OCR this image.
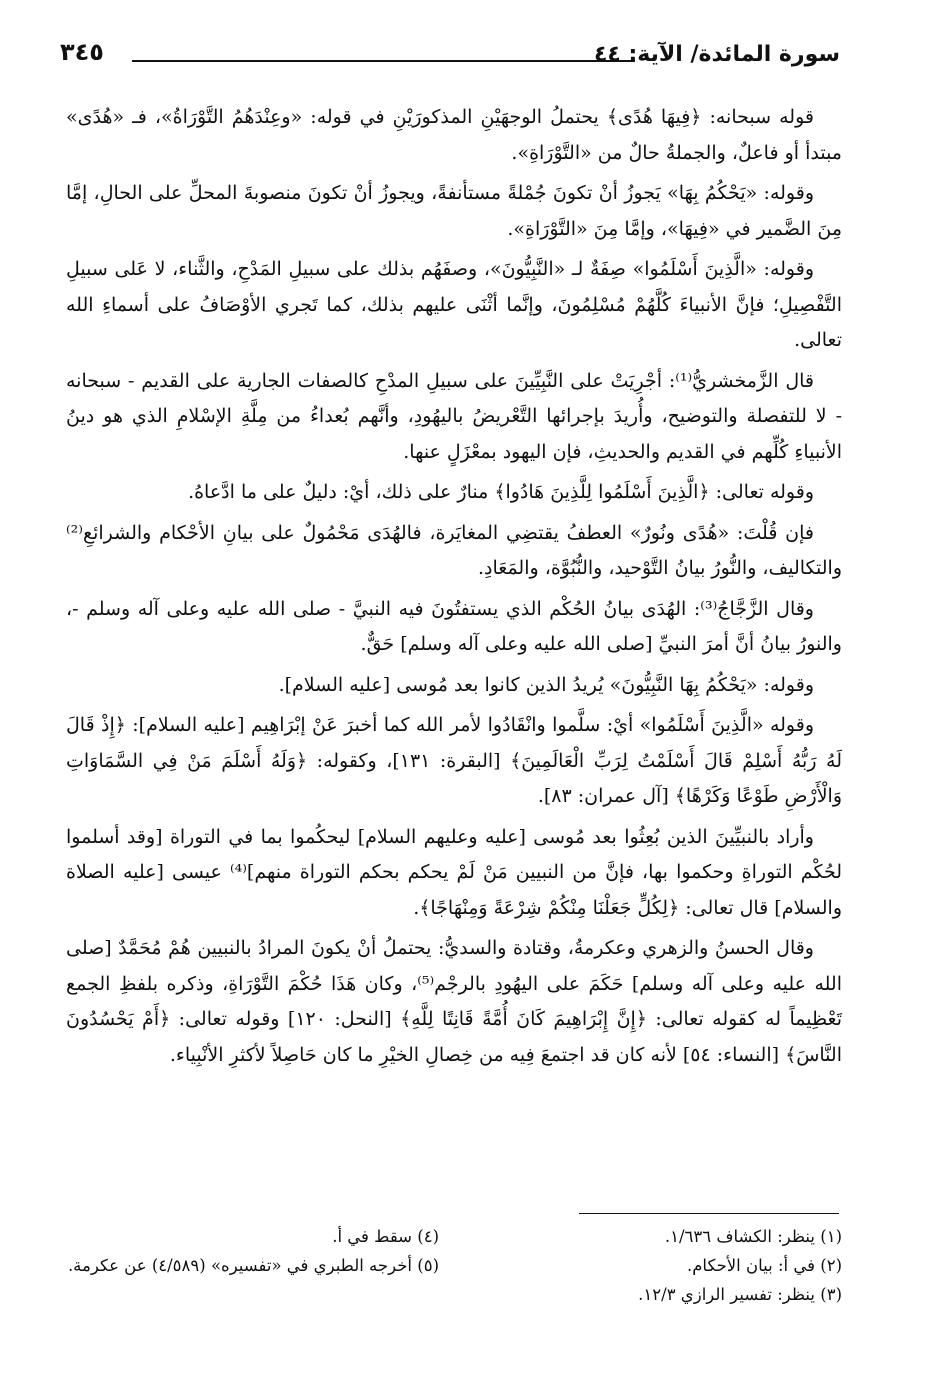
سورة المائدة/ الآية: ٤٤
٣٤٥

قوله سبحانه: ﴿فِيهَا هُدًى﴾ يحتملُ الوجهَيْنِ المذكورَيْنِ في قوله: «وعِنْدَهُمُ التَّوْرَاةُ»، فـ «هُدًى» مبتدأ أو فاعلٌ، والجملةُ حالٌ من «التَّوْرَاةِ».

وقوله: «يَحْكُمُ بِهَا» يَجوزُ أنْ تكونَ جُمْلةً مستأنفةً، ويجوزُ أنْ تكونَ منصوبةَ المحلِّ على الحالِ، إمَّا مِنَ الضَّمير في «فِيهَا»، وإمَّا مِنَ «التَّوْرَاةِ».

وقوله: «الَّذِينَ أَسْلَمُوا» صِفَةٌ لـ «النَّبِيُّونَ»، وصفَهُم بذلك على سبيلِ المَدْحِ، والثَّناء، لا عَلى سبيلِ التَّفْصِيلِ؛ فإنَّ الأنبياءَ كُلَّهُمْ مُسْلِمُونَ، وإنَّما أثْنَى عليهم بذلك، كما تَجري الأوْصَافُ على أسماءِ الله تعالى.

قال الزَّمخشريُّ⁽¹⁾: أجْرِيَتْ على النَّبِيِّينَ على سبيلِ المدْحِ كالصفات الجارية على القديم - سبحانه - لا للتفصلة والتوضيح، وأُريدَ بإجرائها التَّعْريضُ باليهُودِ، وأنَّهم بُعداءُ من مِلَّةِ الإسْلامِ الذي هو دينُ الأنبياءِ كُلِّهم في القديم والحديثِ، فإن اليهود بمعْزَلٍ عنها.

وقوله تعالى: ﴿الَّذِينَ أَسْلَمُوا لِلَّذِينَ هَادُوا﴾ منارٌ على ذلك، أيْ: دليلٌ على ما ادَّعاهُ.

فإن قُلْتَ: «هُدًى ونُورٌ» العطفُ يقتضِي المغايَرة، فالهُدَى مَحْمُولٌ على بيانِ الأحْكام والشرائعِ⁽²⁾ والتكاليف، والنُّورُ بيانُ التَّوْحيد، والنُّبُوَّة، والمَعَادِ.

وقال الزَّجَّاجُ⁽³⁾: الهُدَى بيانُ الحُكْم الذي يستفتُونَ فيه النبيَّ - صلى الله عليه وعلى آله وسلم -، والنورُ بيانُ أنَّ أمرَ النبيِّ [صلى الله عليه وعلى آله وسلم] حَقٌّ.

وقوله: «يَحْكُمُ بِهَا النَّبِيُّونَ» يُريدُ الذين كانوا بعد مُوسى [عليه السلام].

وقوله «الَّذِينَ أَسْلَمُوا» أيْ: سلَّموا وانْقَادُوا لأمر الله كما أخبرَ عَنْ إبْرَاهِيم [عليه السلام]: ﴿إِذْ قَالَ لَهُ رَبُّهُ أَسْلِمْ قَالَ أَسْلَمْتُ لِرَبِّ الْعَالَمِينَ﴾ [البقرة: ١٣١]، وكقوله: ﴿وَلَهُ أَسْلَمَ مَنْ فِي السَّمَاوَاتِ وَالْأَرْضِ طَوْعًا وَكَرْهًا﴾ [آل عمران: ٨٣].

وأراد بالنبيِّينَ الذين بُعِثُوا بعد مُوسى [عليه وعليهم السلام] ليحكُموا بما في التوراة [وقد أسلموا لحُكْم التوراةِ وحكموا بها، فإنَّ من النبيين مَنْ لَمْ يحكم بحكم التوراة منهم]⁽⁴⁾ عيسى [عليه الصلاة والسلام] قال تعالى: ﴿لِكُلٍّ جَعَلْنَا مِنْكُمْ شِرْعَةً وَمِنْهَاجًا﴾.

وقال الحسنُ والزهري وعكرمةُ، وقتادة والسديُّ: يحتملُ أنْ يكونَ المرادُ بالنبيين هُمْ مُحَمَّدٌ [صلى الله عليه وعلى آله وسلم] حَكَمَ على اليهُودِ بالرجْم⁽⁵⁾، وكان هَذَا حُكْمَ التَّوْرَاةِ، وذكره بلفظِ الجمع تَعْظِيماً له كقوله تعالى: ﴿إِنَّ إِبْرَاهِيمَ كَانَ أُمَّةً قَانِتًا لِلَّهِ﴾ [النحل: ١٢٠] وقوله تعالى: ﴿أَمْ يَحْسُدُونَ النَّاسَ﴾ [النساء: ٥٤] لأنه كان قد اجتمعَ فِيه من خِصالِ الخيْرِ ما كان حَاصِلاً لأكثرِ الأنْبِياء.

(١) ينظر: الكشاف ١/٦٣٦.
(٢) في أ: بيان الأحكام.
(٣) ينظر: تفسير الرازي ١٢/٣.
(٤) سقط في أ.
(٥) أخرجه الطبري في «تفسيره» (٤/٥٨٩) عن عكرمة.
